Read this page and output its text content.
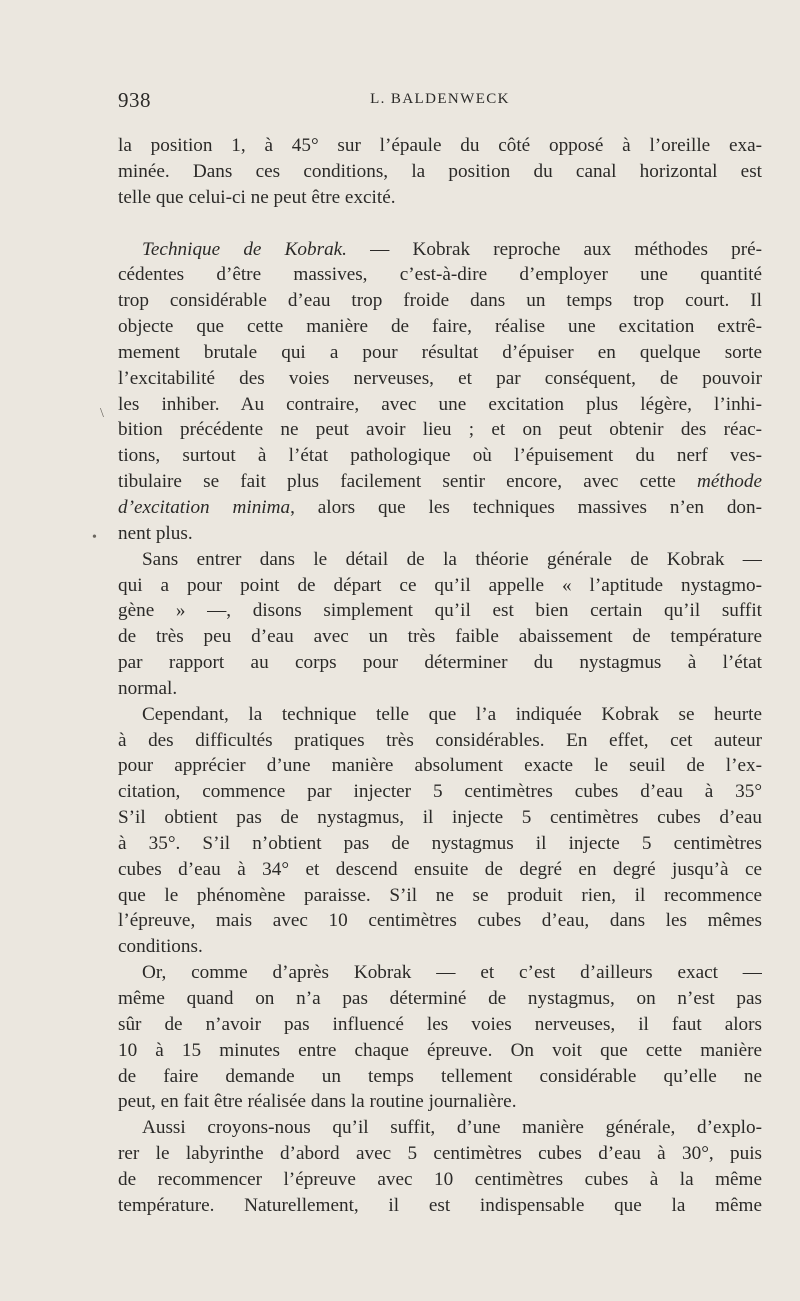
938	L. BALDENWECK
la position 1, à 45° sur l’épaule du côté opposé à l’oreille exa-
minée. Dans ces conditions, la position du canal horizontal est
telle que celui-ci ne peut être excité.
Technique de Kobrak. — Kobrak reproche aux méthodes pré-
cédentes d’être massives, c’est-à-dire d’employer une quantité
trop considérable d’eau trop froide dans un temps trop court. Il
objecte que cette manière de faire, réalise une excitation extrê-
mement brutale qui a pour résultat d’épuiser en quelque sorte
l’excitabilité des voies nerveuses, et par conséquent, de pouvoir
les inhiber. Au contraire, avec une excitation plus légère, l’inhi-
bition précédente ne peut avoir lieu ; et on peut obtenir des réac-
tions, surtout à l’état pathologique où l’épuisement du nerf ves-
tibulaire se fait plus facilement sentir encore, avec cette méthode
d’excitation minima, alors que les techniques massives n’en don-
nent plus.
Sans entrer dans le détail de la théorie générale de Kobrak —
qui a pour point de départ ce qu’il appelle « l’aptitude nystagmo-
gène » —, disons simplement qu’il est bien certain qu’il suffit
de très peu d’eau avec un très faible abaissement de température
par rapport au corps pour déterminer du nystagmus à l’état
normal.
Cependant, la technique telle que l’a indiquée Kobrak se heurte
à des difficultés pratiques très considérables. En effet, cet auteur
pour apprécier d’une manière absolument exacte le seuil de l’ex-
citation, commence par injecter 5 centimètres cubes d’eau à 35°
S’il obtient pas de nystagmus, il injecte 5 centimètres cubes d’eau
à 35°. S’il n’obtient pas de nystagmus il injecte 5 centimètres
cubes d’eau à 34° et descend ensuite de degré en degré jusqu’à ce
que le phénomène paraisse. S’il ne se produit rien, il recommence
l’épreuve, mais avec 10 centimètres cubes d’eau, dans les mêmes
conditions.
Or, comme d’après Kobrak — et c’est d’ailleurs exact —
même quand on n’a pas déterminé de nystagmus, on n’est pas
sûr de n’avoir pas influencé les voies nerveuses, il faut alors
10 à 15 minutes entre chaque épreuve. On voit que cette manière
de faire demande un temps tellement considérable qu’elle ne
peut, en fait être réalisée dans la routine journalière.
Aussi croyons-nous qu’il suffit, d’une manière générale, d’explo-
rer le labyrinthe d’abord avec 5 centimètres cubes d’eau à 30°, puis
de recommencer l’épreuve avec 10 centimètres cubes à la même
température. Naturellement, il est indispensable que la même
\
•
